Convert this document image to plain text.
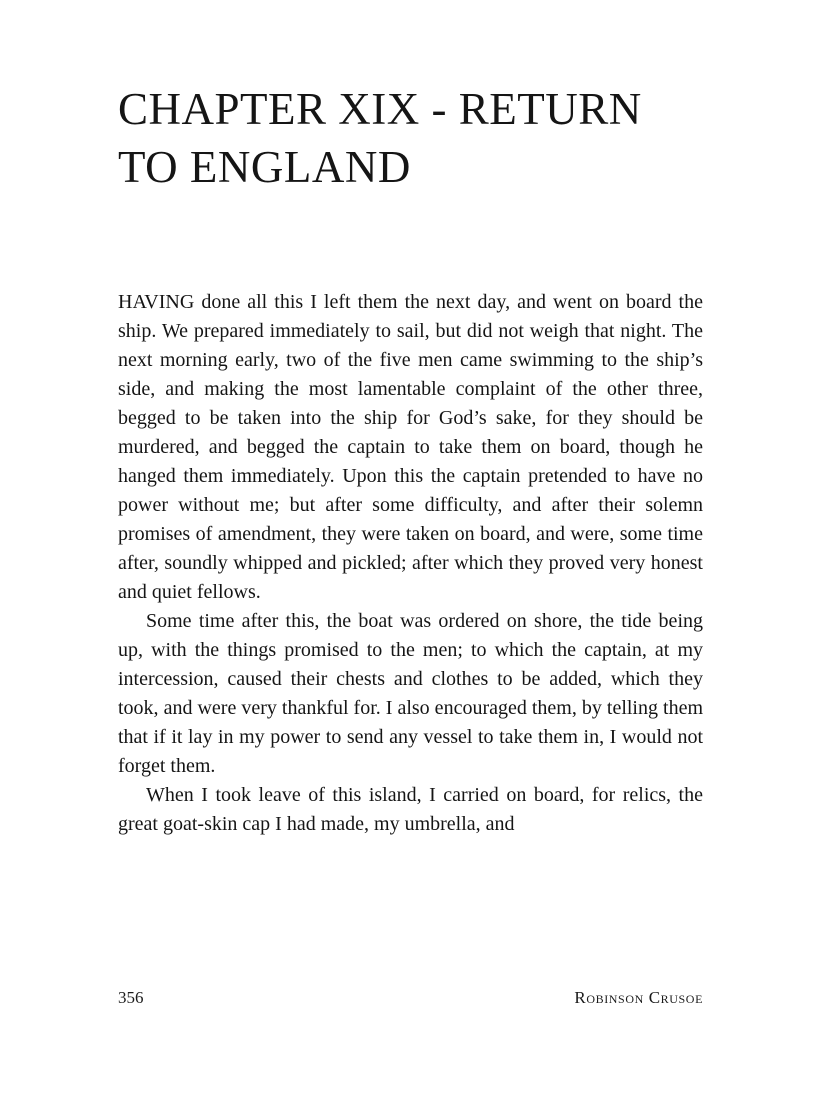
CHAPTER XIX - RETURN TO ENGLAND

HAVING done all this I left them the next day, and went on board the ship. We prepared immediately to sail, but did not weigh that night. The next morning early, two of the five men came swimming to the ship’s side, and making the most lamentable complaint of the other three, begged to be taken into the ship for God’s sake, for they should be murdered, and begged the captain to take them on board, though he hanged them immediately. Upon this the captain pretended to have no power without me; but after some difficulty, and after their solemn promises of amendment, they were taken on board, and were, some time after, soundly whipped and pickled; after which they proved very honest and quiet fellows.

Some time after this, the boat was ordered on shore, the tide being up, with the things promised to the men; to which the captain, at my intercession, caused their chests and clothes to be added, which they took, and were very thankful for. I also encouraged them, by telling them that if it lay in my power to send any vessel to take them in, I would not forget them.

When I took leave of this island, I carried on board, for relics, the great goat-skin cap I had made, my umbrella, and

356	Robinson Crusoe
